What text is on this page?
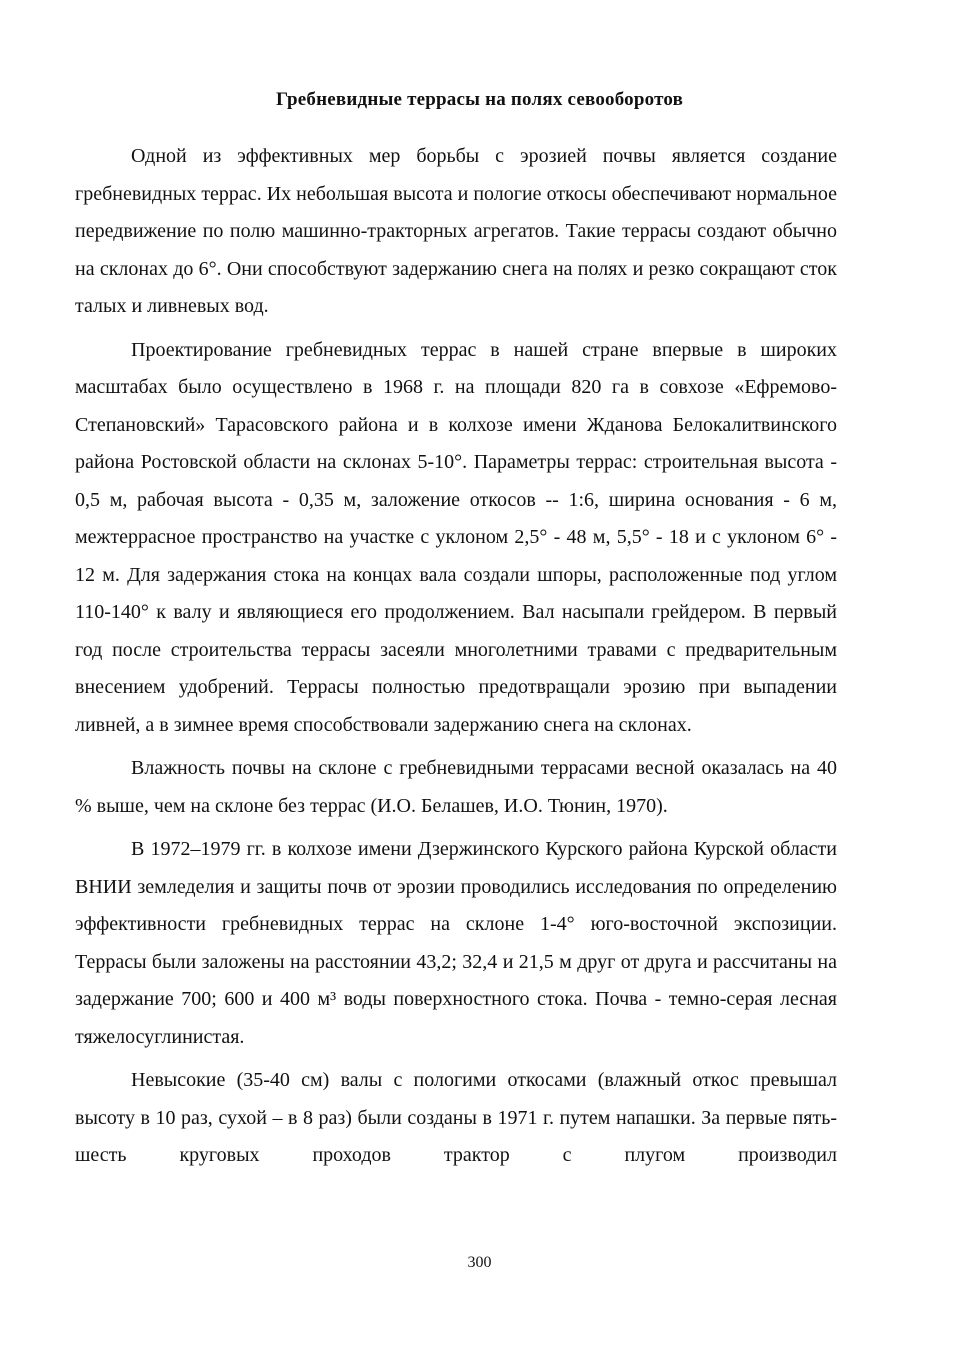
Гребневидные террасы на полях севооборотов

Одной из эффективных мер борьбы с эрозией почвы является создание гребневидных террас. Их небольшая высота и пологие откосы обеспечивают нормальное передвижение по полю машинно-тракторных агрегатов. Такие террасы создают обычно на склонах до 6°. Они способствуют задержанию снега на полях и резко сокращают сток талых и ливневых вод.

Проектирование гребневидных террас в нашей стране впервые в широких масштабах было осуществлено в 1968 г. на площади 820 га в совхозе «Ефремово-Степановский» Тарасовского района и в колхозе имени Жданова Белокалитвинского района Ростовской области на склонах 5-10°. Параметры террас: строительная высота - 0,5 м, рабочая высота - 0,35 м, заложение откосов -- 1:6, ширина основания - 6 м, межтеррасное пространство на участке с уклоном 2,5° - 48 м, 5,5° - 18 и с уклоном 6° - 12 м. Для задержания стока на концах вала создали шпоры, расположенные под углом 110-140° к валу и являющиеся его продолжением. Вал насыпали грейдером. В первый год после строительства террасы засеяли многолетними травами с предварительным внесением удобрений. Террасы полностью предотвращали эрозию при выпадении ливней, а в зимнее время способствовали задержанию снега на склонах.

Влажность почвы на склоне с гребневидными террасами весной оказалась на 40 % выше, чем на склоне без террас (И.О. Белашев, И.О. Тюнин, 1970).

В 1972–1979 гг. в колхозе имени Дзержинского Курского района Курской области ВНИИ земледелия и защиты почв от эрозии проводились исследования по определению эффективности гребневидных террас на склоне 1-4° юго-восточной экспозиции. Террасы были заложены на расстоянии 43,2; 32,4 и 21,5 м друг от друга и рассчитаны на задержание 700; 600 и 400 м³ воды поверхностного стока. Почва - темно-серая лесная тяжелосуглинистая.

Невысокие (35-40 см) валы с пологими откосами (влажный откос превышал высоту в 10 раз, сухой – в 8 раз) были созданы в 1971 г. путем напашки. За первые пять-шесть круговых проходов трактор с плугом производил

300
